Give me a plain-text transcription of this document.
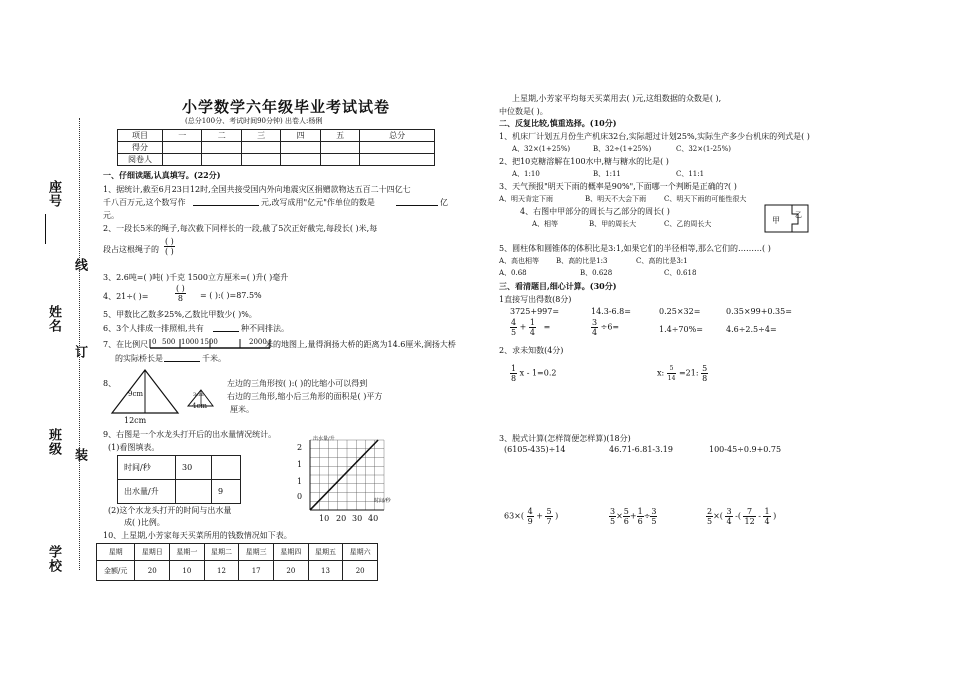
座号
姓名
班级
学校
线
订
装
小学数学六年级毕业考试试卷
(总分100分、考试时间90分钟) 出卷人:杨俐
项目	一	二	三	四	五	总分
得分						
阅卷人						
一、仔细读题,认真填写。(22分)
1、据统计,截至6月23日12时,全国共接受国内外向地震灾区捐赠款物达五百二十四亿七
千八百万元,这个数写作	元,改写成用"亿元"作单位的数是	亿
元。
2、一段长5米的绳子,每次截下同样长的一段,截了5次正好截完,每段长( )米,每
段占这根绳子的 $\frac{( )}{( )}$
3、2.6吨=( )吨( )千克 1500立方厘米=( )升( )毫升
4、21÷( )=	$\frac{( )}{8}$ = ( ):( )=87.5%
5、甲数比乙数多25%,乙数比甲数少( )%。
6、3个人排成一排照相,共有	种不同排法。
7、在比例尺 0 500 1000 1500	2000
米的地图上,量得涧扬大桥的距离为14.6厘米,涧扬大桥
的实际桥长是	千米。
8、
9cm
12cm
3cm
4cm
左边的三角形按( ):( )的比缩小可以得到
右边的三角形,缩小后三角形的面积是( )平方
厘米。
9、右图是一个水龙头打开后的出水量情况统计。
(1)看图填表。
时间/秒	30	
出水量/升		9
(2)这个水龙头打开的时间与出水量
成( )比例。
出水量/升
时间/秒
2
1
1
0
10 20 30 40
10、上星期,小芳家每天买菜所用的钱数情况如下表。
星期	星期日	星期一	星期二	星期三	星期四	星期五	星期六
金额/元	20	10	12	17	20	13	20
上星期,小芳家平均每天买菜用去( )元,这组数据的众数是( ),
中位数是( )。
二、反复比较,慎重选择。(10分)
1、机床厂计划五月份生产机床32台,实际超过计划25%,实际生产多少台机床的列式是( )
A、32×(1+25%)	B、32÷(1+25%)	C、32×(1-25%)
2、把10克糖溶解在100水中,糖与糖水的比是( )
A、1:10	B、1:11	C、11:1
3、天气预报"明天下雨的概率是90%",下面哪一个判断是正确的?( )
A、明天肯定下雨	B、明天不大会下雨	C、明天下雨的可能性很大
4、右图中甲部分的周长与乙部分的周长( )
A、相等	B、甲的周长大	C、乙的周长大	甲
乙
5、圆柱体和圆锥体的体积比是3:1,如果它们的半径相等,那么它们的………( )
A、高也相等 B、高的比是1:3	C、高的比是3:1
A、0.68	B、0.628	C、0.618
三、看清题目,细心计算。(30分)
1直接写出得数(8分)
3725+997=	14.3-6.8=	0.25×32=	0.35×99+0.35=
$\frac{4}{5} + \frac{1}{4}$ =	$\frac{3}{4} \div 6=$	1.4÷70%=	4.6÷2.5÷4=
2、求未知数(4分)
$\frac{1}{8}$ x - 1=0.2	x: $\frac{5}{14} =21$: $\frac{5}{8}$
3、脱式计算(怎样简便怎样算)(18分)
(6105-435)÷14	46.71-6.81-3.19	100-45÷0.9+0.75
$63\times( \frac{4}{9} + \frac{5}{7}$ )	$\frac{3}{5} \times \frac{5}{6} + \frac{1}{6} \div \frac{3}{5}$	$\frac{2}{5}$ ×( $\frac{3}{4}$ -( $\frac{7}{12} - \frac{1}{4}$ )
